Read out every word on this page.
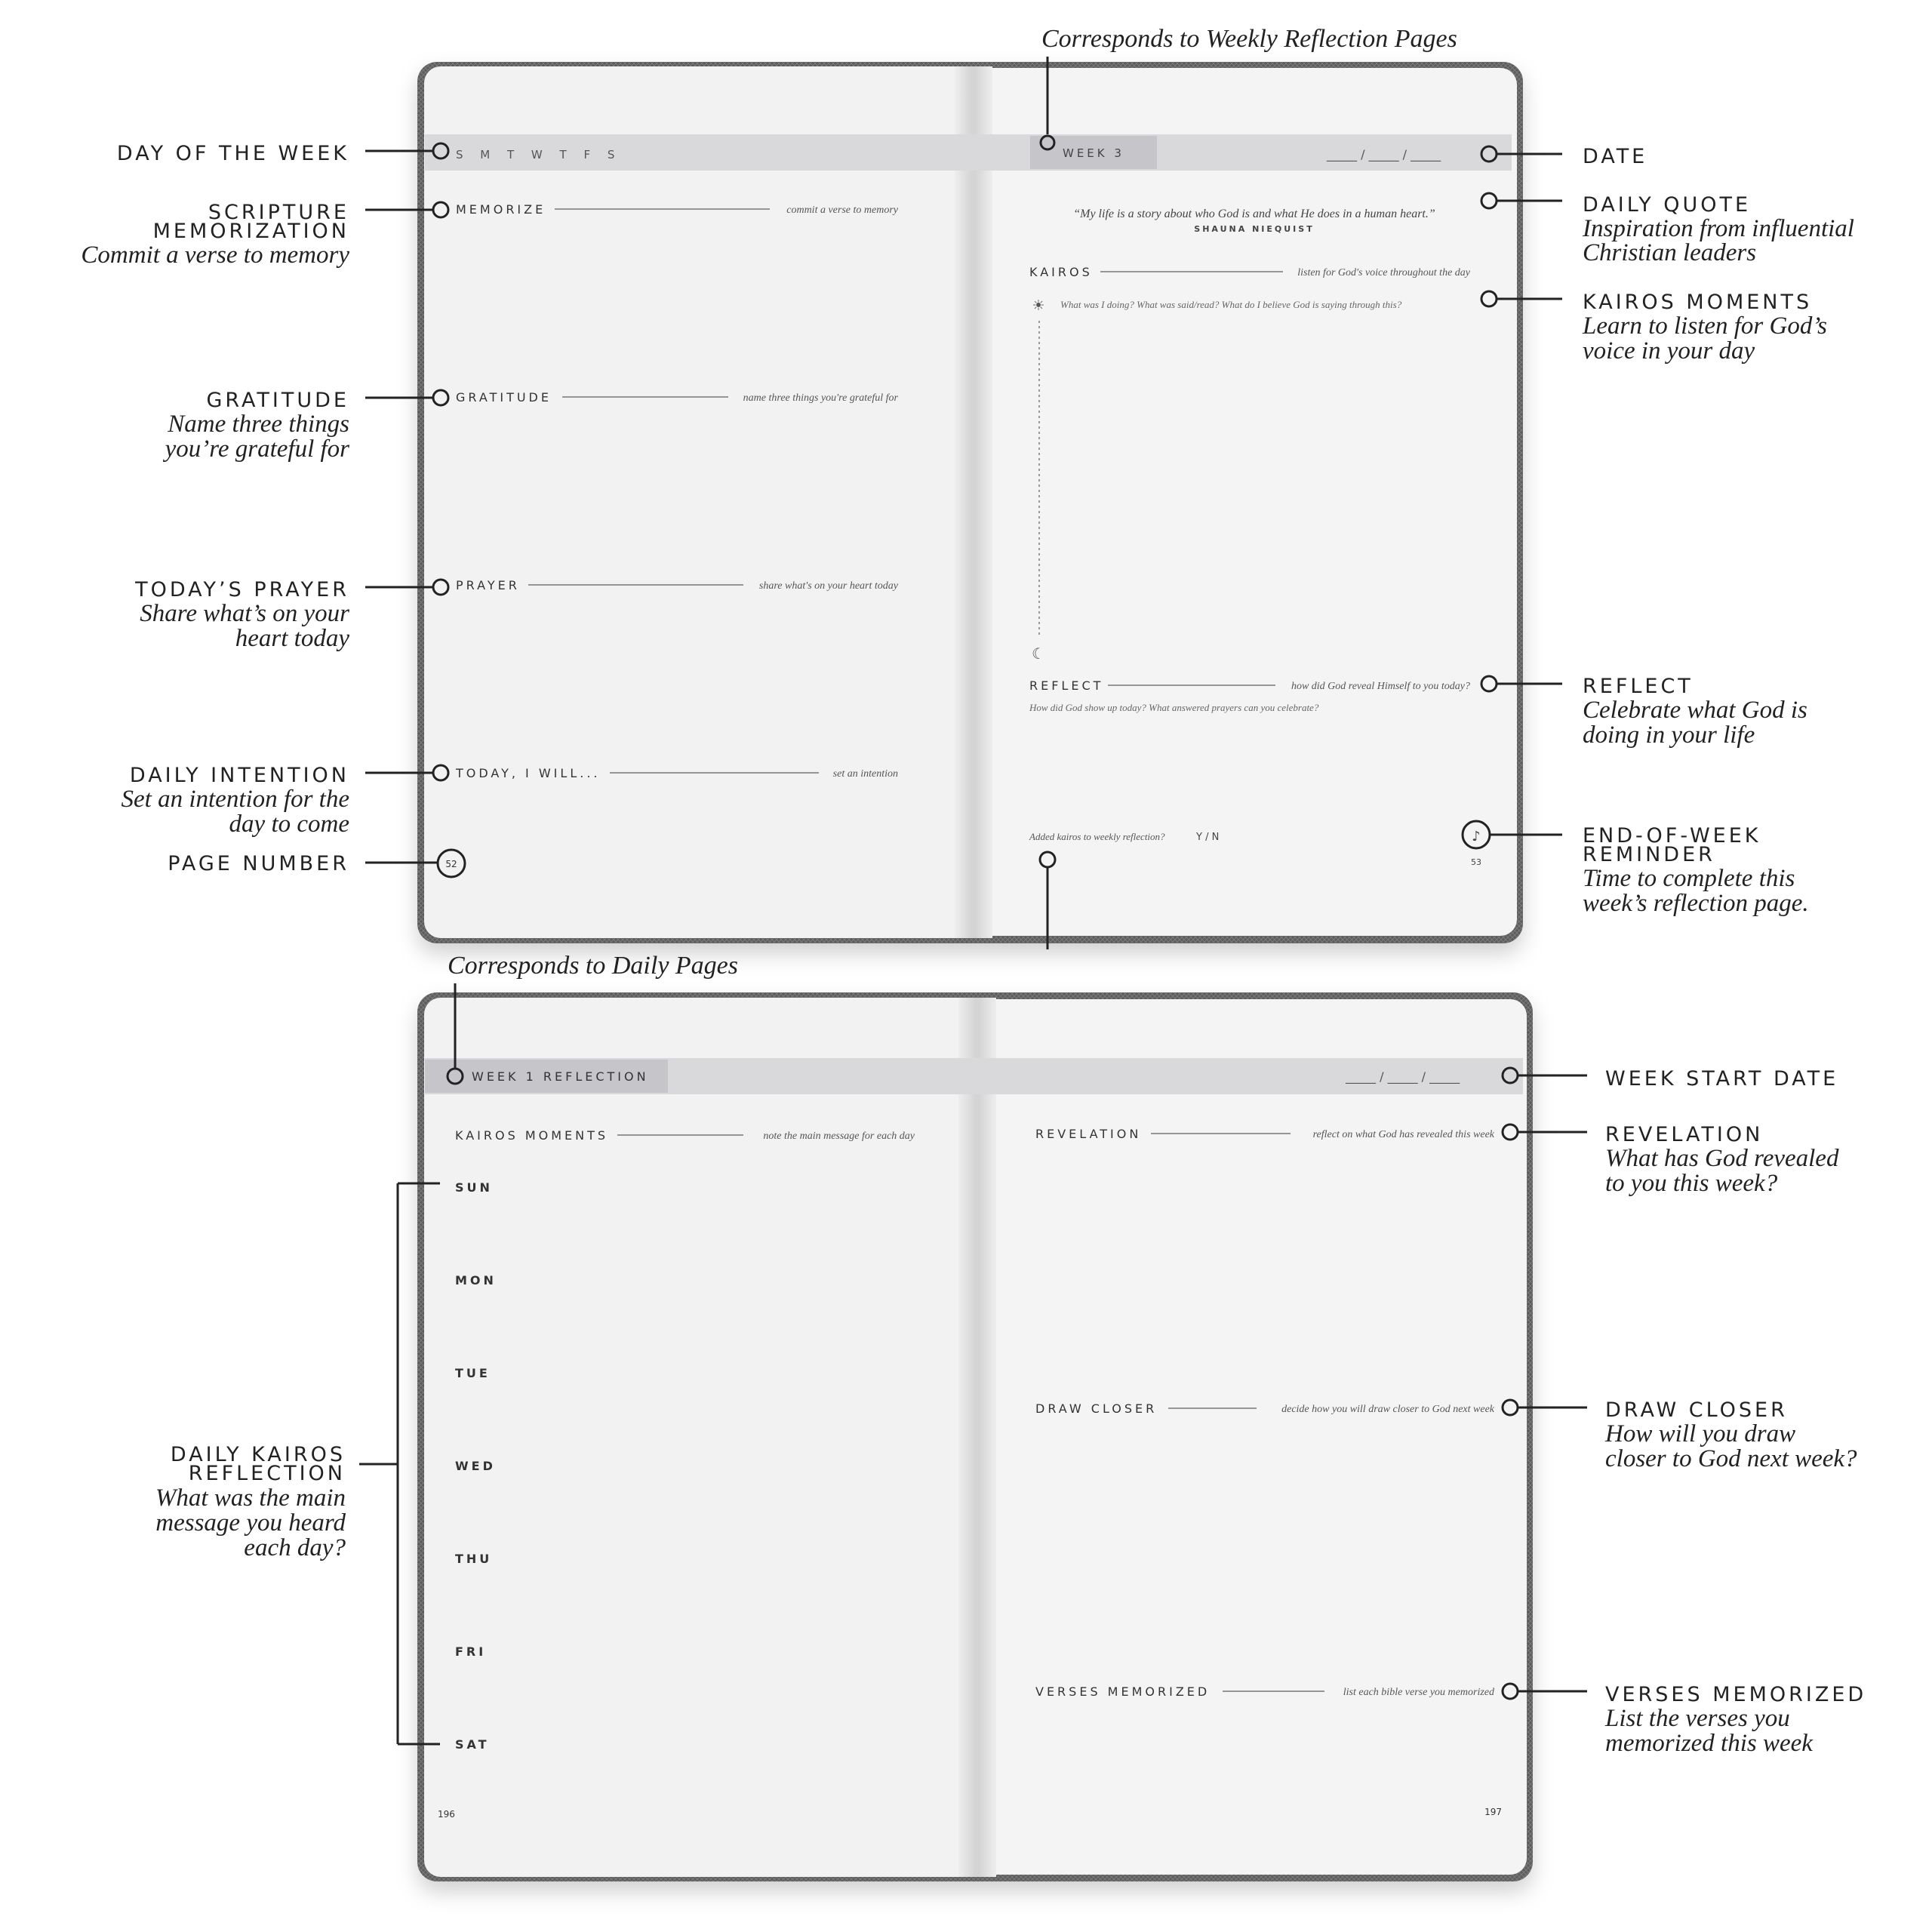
Corresponds to Weekly Reflection Pages
S M T W T F S
MEMORIZE	commit a verse to memory
GRATITUDE	name three things you're grateful for
PRAYER	share what's on your heart today
TODAY, I WILL...	set an intention
52
WEEK 3	_____ / _____ / _____
“My life is a story about who God is and what He does in a human heart.”
SHAUNA NIEQUIST
KAIROS	listen for God's voice throughout the day
☀ What was I doing? What was said/read? What do I believe God is saying through this?
☾
REFLECT	how did God reveal Himself to you today?
How did God show up today? What answered prayers can you celebrate?
Added kairos to weekly reflection?	Y / N	♪
53
DAY OF THE WEEK
SCRIPTURE
MEMORIZATION
Commit a verse to memory
GRATITUDE
Name three things
you’re grateful for
TODAY’S PRAYER
Share what’s on your
heart today
DAILY INTENTION
Set an intention for the
day to come
PAGE NUMBER
DATE
DAILY QUOTE
Inspiration from influential
Christian leaders
KAIROS MOMENTS
Learn to listen for God’s
voice in your day
REFLECT
Celebrate what God is
doing in your life
END-OF-WEEK
REMINDER
Time to complete this
week’s reflection page.
Corresponds to Daily Pages
WEEK 1 REFLECTION	_____ / _____ / _____
KAIROS MOMENTS	note the main message for each day
SUN
MON
TUE
WED
THU
FRI
SAT
196
REVELATION	reflect on what God has revealed this week
DRAW CLOSER	decide how you will draw closer to God next week
VERSES MEMORIZED	list each bible verse you memorized
197
DAILY KAIROS
REFLECTION
What was the main
message you heard
each day?
WEEK START DATE
REVELATION
What has God revealed
to you this week?
DRAW CLOSER
How will you draw
closer to God next week?
VERSES MEMORIZED
List the verses you
memorized this week
